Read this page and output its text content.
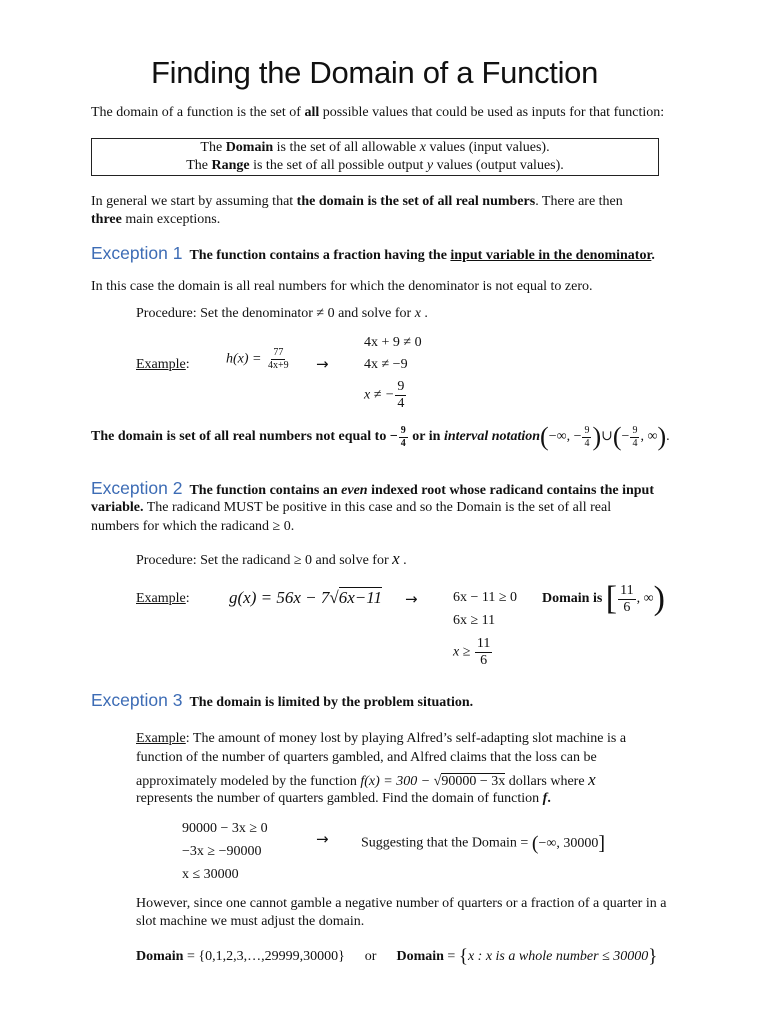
Finding the Domain of a Function
The domain of a function is the set of all possible values that could be used as inputs for that function:
The Domain is the set of all allowable x values (input values).
The Range is the set of all possible output y values (output values).
In general we start by assuming that the domain is the set of all real numbers. There are then
three main exceptions.
Exception 1 The function contains a fraction having the input variable in the denominator.
In this case the domain is all real numbers for which the denominator is not equal to zero.
Procedure: Set the denominator ≠ 0 and solve for x .
Example:	$h(x) = \frac{77}{4x+9}$ →
4x + 9 ≠ 0
4x ≠ −9
x ≠ − $\frac{9}{4}$
The domain is set of all real numbers not equal to − $\frac{9}{4}$ or in interval notation(−∞, − $\frac{9}{4}$ )∪(− $\frac{9}{4}$ , ∞).
Exception 2 The function contains an even indexed root whose radicand contains the input
variable. The radicand MUST be positive in this case and so the Domain is the set of all real
numbers for which the radicand ≥ 0.
Procedure: Set the radicand ≥ 0 and solve for x .
Example: g(x) = 56x − 7√6x−11 →	6x − 11 ≥ 0
6x ≥ 11
$x \ge \frac{11}{6}$
Domain is [ $\frac{11}{6}$ , ∞)
Exception 3 The domain is limited by the problem situation.
Example: The amount of money lost by playing Alfred’s self-adapting slot machine is a
function of the number of quarters gambled, and Alfred claims that the loss can be
approximately modeled by the function f(x) = 300 − √90000 − 3x dollars where x
represents the number of quarters gambled. Find the domain of function f.
90000 − 3x ≥ 0
−3x ≥ −90000
x ≤ 30000
→ Suggesting that the Domain = (−∞, 30000]
However, since one cannot gamble a negative number of quarters or a fraction of a quarter in a
slot machine we must adjust the domain.
Domain = {0,1,2,3,…,29999,30000} or Domain = {x : x is a whole number ≤ 30000}
